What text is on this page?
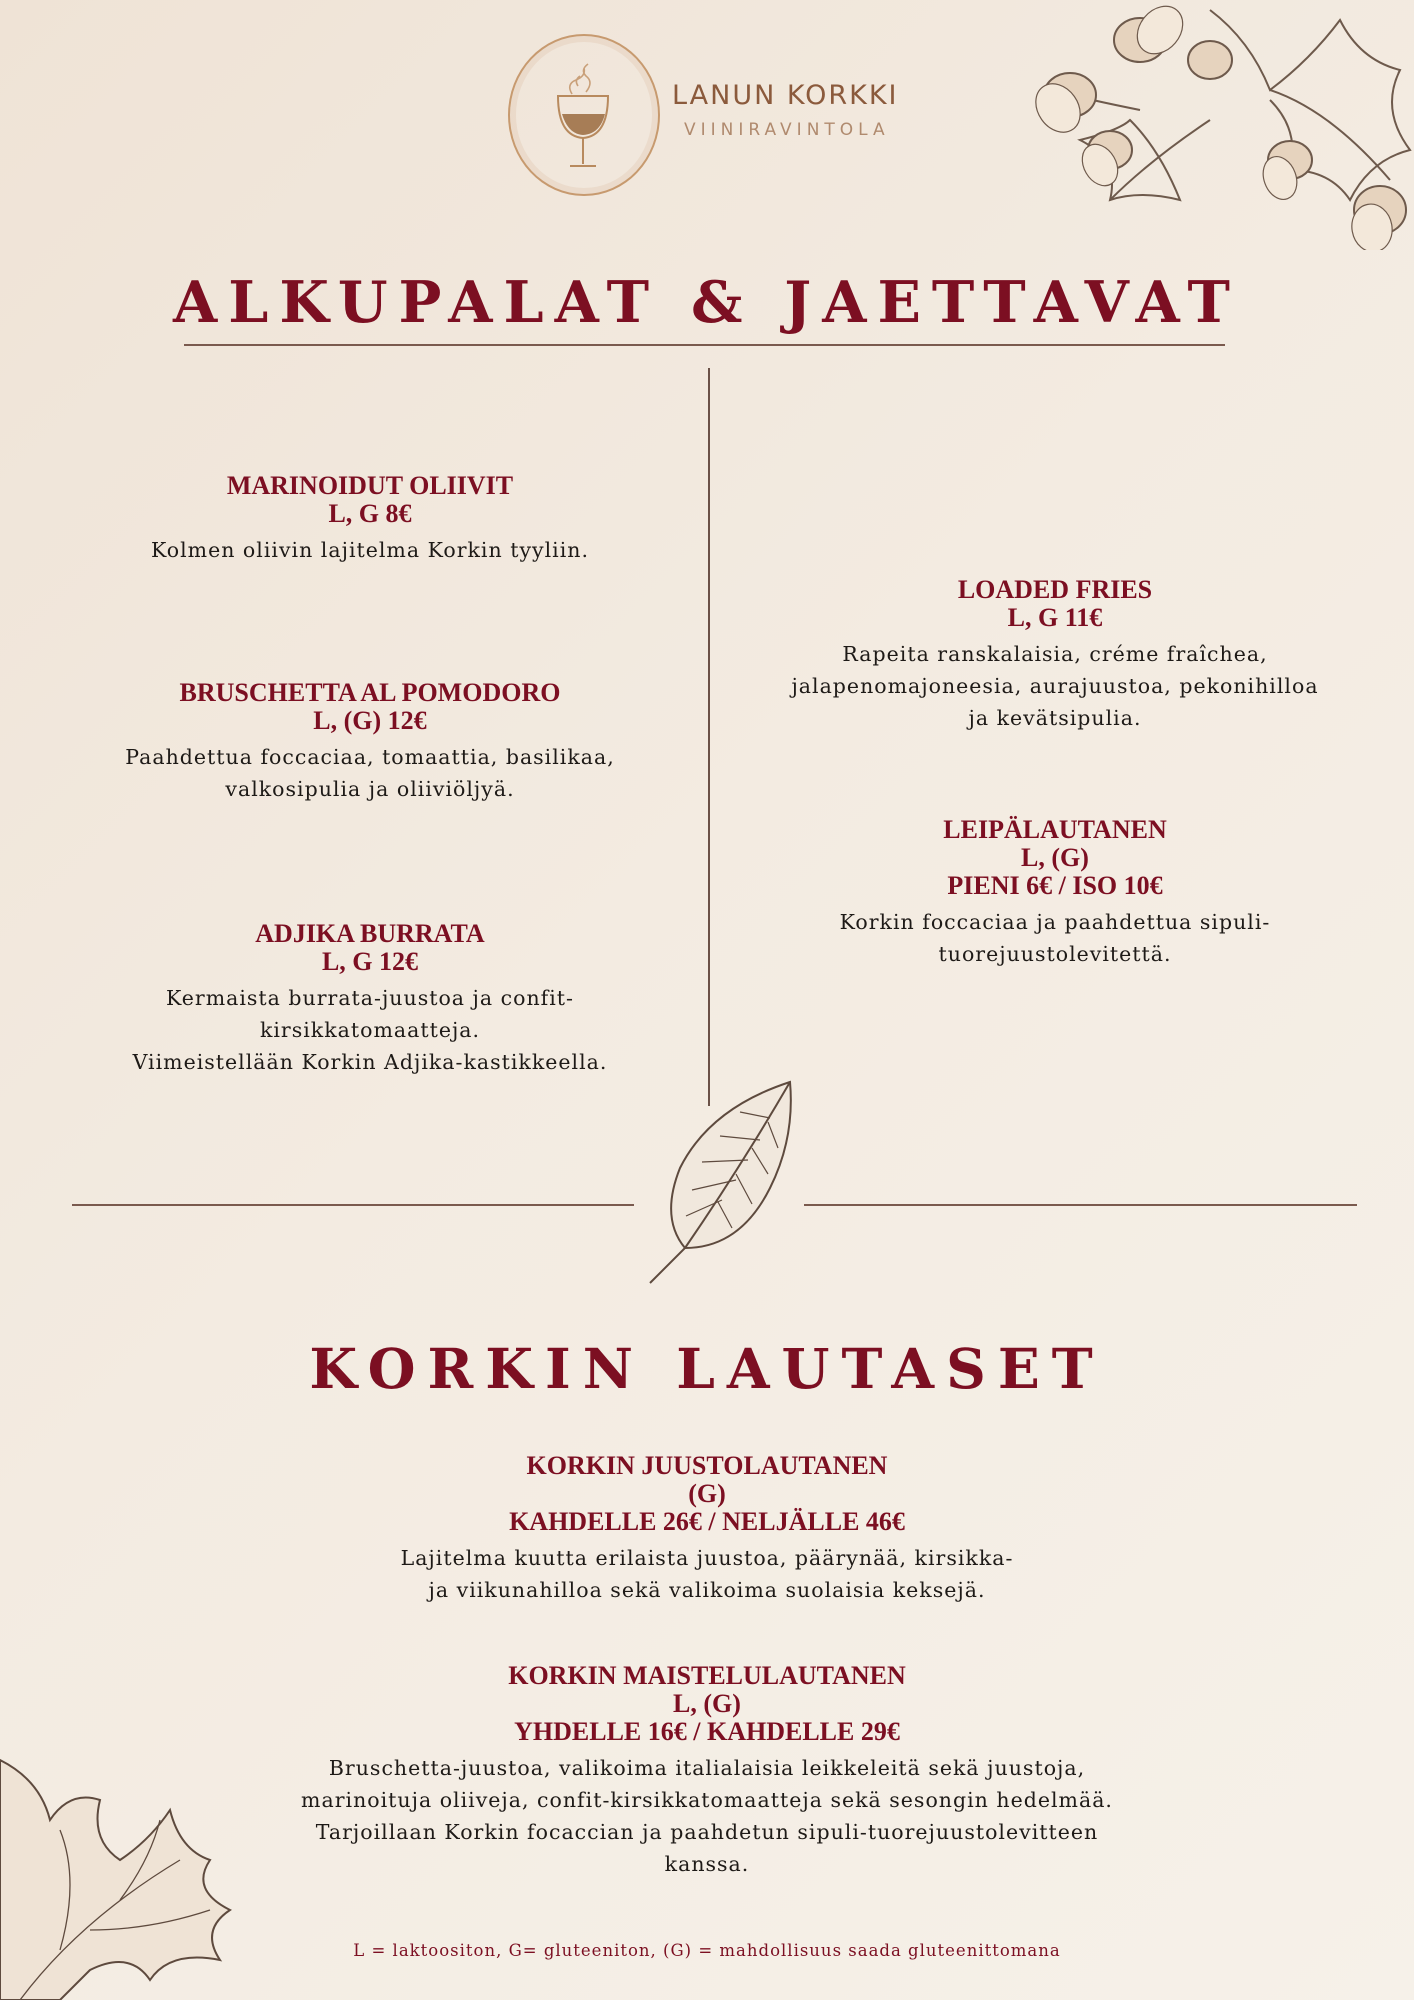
LANUN KORKKI
VIINIRAVINTOLA
ALKUPALAT & JAETTAVAT
MARINOIDUT OLIIVIT
L, G 8€
Kolmen oliivin lajitelma Korkin tyyliin.
BRUSCHETTA AL POMODORO
L, (G) 12€
Paahdettua foccaciaa, tomaattia, basilikaa,
valkosipulia ja oliiviöljyä.
ADJIKA BURRATA
L, G 12€
Kermaista burrata-juustoa ja confit-
kirsikkatomaatteja.
Viimeistellään Korkin Adjika-kastikkeella.
LOADED FRIES
L, G 11€
Rapeita ranskalaisia, créme fraîchea,
jalapenomajoneesia, aurajuustoa, pekonihilloa
ja kevätsipulia.
LEIPÄLAUTANEN
L, (G)
PIENI 6€ / ISO 10€
Korkin foccaciaa ja paahdettua sipuli-
tuorejuustolevitettä.
KORKIN LAUTASET
KORKIN JUUSTOLAUTANEN
(G)
KAHDELLE 26€ / NELJÄLLE 46€
Lajitelma kuutta erilaista juustoa, päärynää, kirsikka-
ja viikunahilloa sekä valikoima suolaisia keksejä.
KORKIN MAISTELULAUTANEN
L, (G)
YHDELLE 16€ / KAHDELLE 29€
Bruschetta-juustoa, valikoima italialaisia leikkeleitä sekä juustoja,
marinoituja oliiveja, confit-kirsikkatomaatteja sekä sesongin hedelmää.
Tarjoillaan Korkin focaccian ja paahdetun sipuli-tuorejuustolevitteen
kanssa.
L = laktoositon, G= gluteeniton, (G) = mahdollisuus saada gluteenittomana
